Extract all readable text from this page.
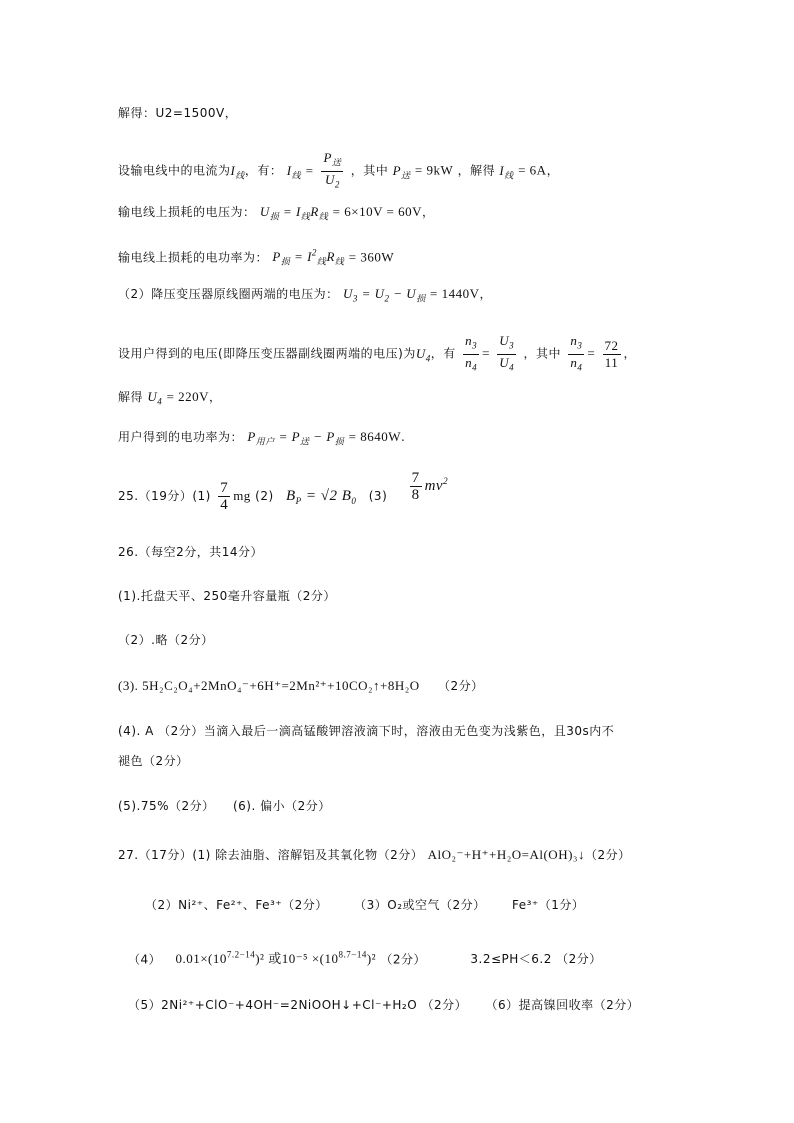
解得：U2=1500V，
设输电线中的电流为$I_线$，有： $I_线 = \frac{P_送}{U_2}$ ，其中 $P_送 = 9kW$ ，解得 $I_线 = 6A$，
输电线上损耗的电压为： $U_损 = I_线R_线 = 6\times 10V = 60V$，
输电线上损耗的电功率为： $P_损 = I^2_线R_线 = 360W$
（2）降压变压器原线圈两端的电压为： $U_3 = U_2 - U_损 = 1440V$，
设用户得到的电压(即降压变压器副线圈两端的电压)为$U_4$，有 $\frac{n_3}{n_4} = \frac{U_3}{U_4}$ ，其中 $\frac{n_3}{n_4} = \frac{72}{11}$ ，
解得 $U_4 = 220V$，
用户得到的电功率为： $P_{用户} = P_送 - P_损 = 8640W$.
25.（19分）$(1) \frac{7}{4}$ mg (2) $B_P = √2$ $B_0$ $(3) \frac{7}{8} mv^2$
26.（每空2分，共14分）
(1).托盘天平、250毫升容量瓶（2分）
（2）.略（2分）
(3). 5H₂C₂O₄+2MnO₄⁻+6H⁺=2Mn²⁺+10CO₂↑+8H₂O （2分）
(4). A （2分）当滴入最后一滴高锰酸钾溶液滴下时，溶液由无色变为浅紫色，且30s内不
褪色（2分）
(5).75%（2分） (6). 偏小（2分）
27.（17分）(1) 除去油脂、溶解铝及其氧化物（2分） AlO₂⁻+H⁺+H₂O=Al(OH)₃↓（2分）
（2）Ni²⁺、Fe²⁺、Fe³⁺（2分） （3）O₂或空气（2分） Fe³⁺（1分）
（4） $0.01\times(10^{7.2-14})^2$ 或$10^{-5} \times(10^{8.7-14})^2$ （2分）	3.2≤PH＜6.2 （2分）
（5）2Ni²⁺+ClO⁻+4OH⁻=2NiOOH↓+Cl⁻+H₂O （2分） （6）提高镍回收率（2分）
